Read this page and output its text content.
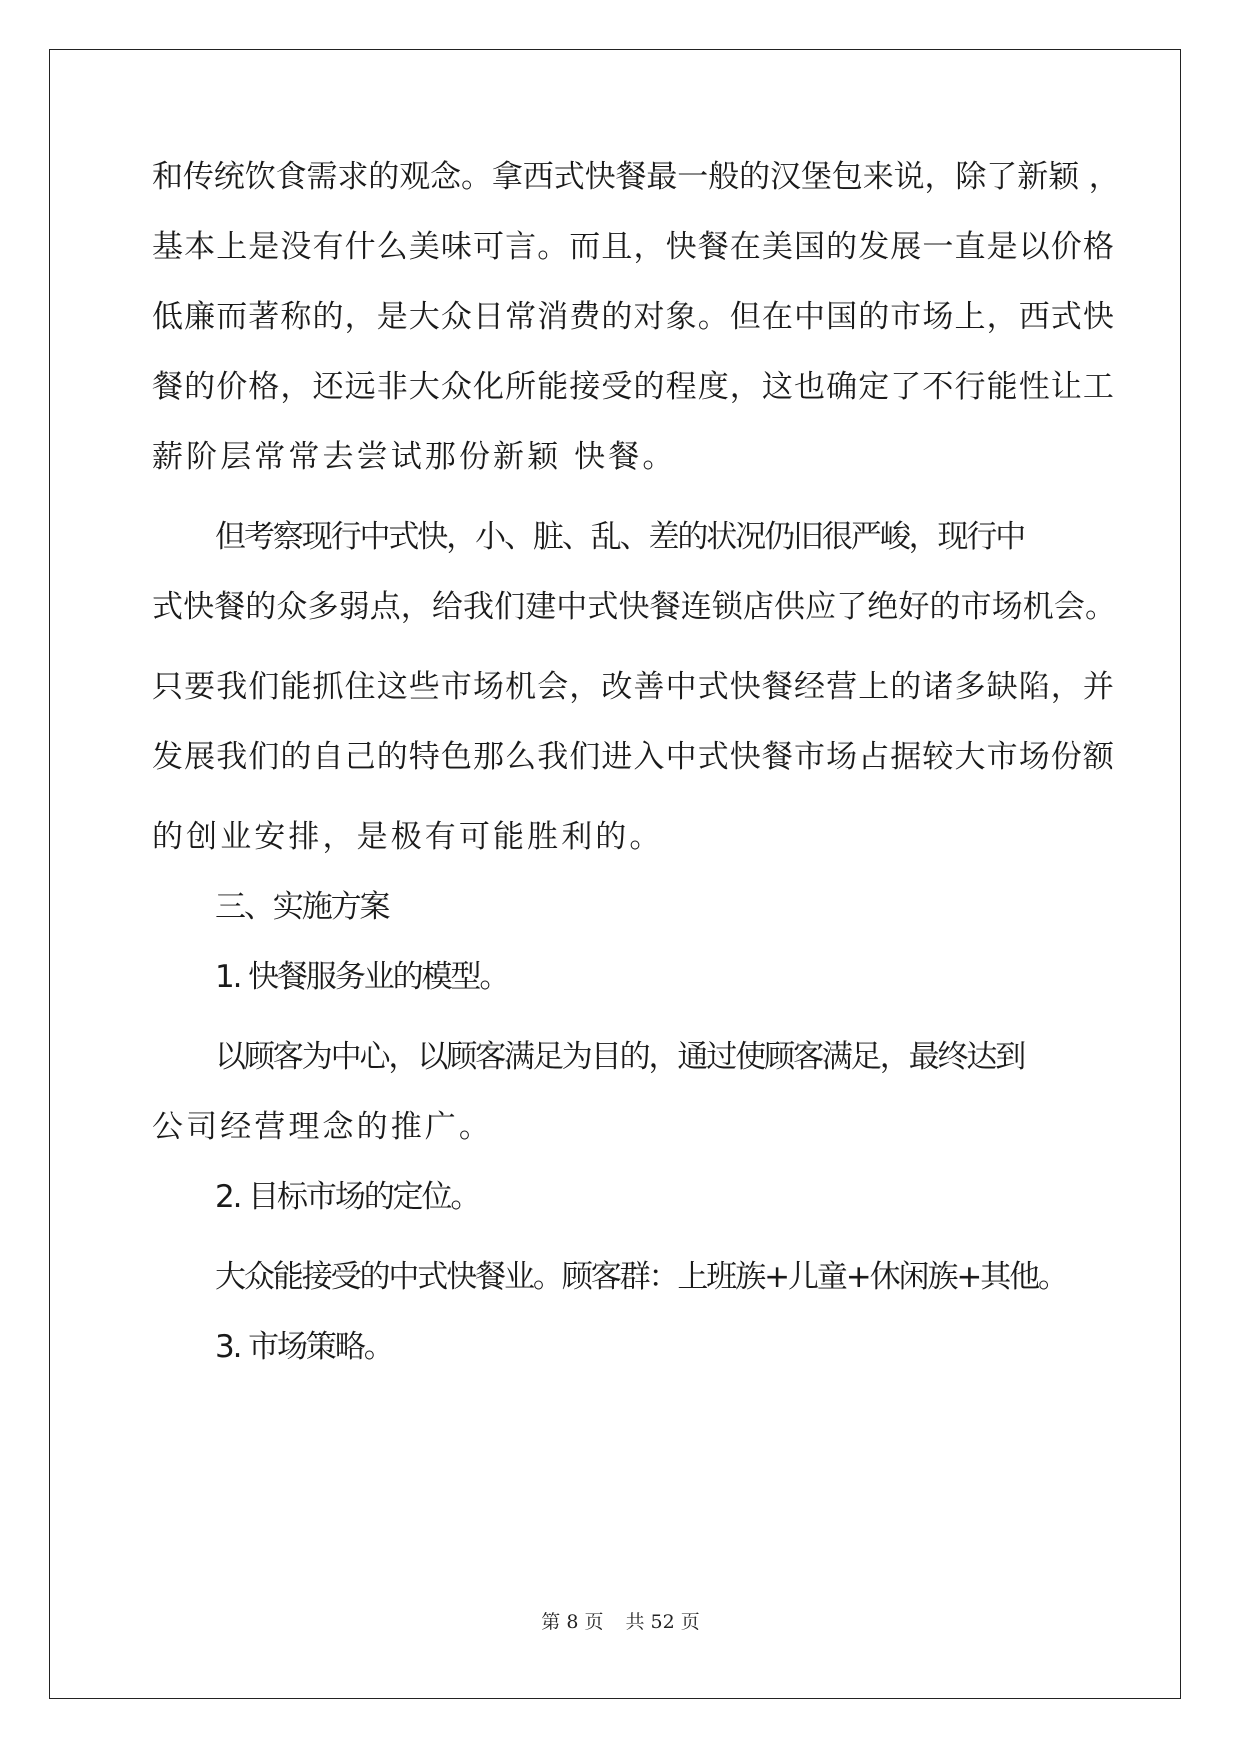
和传统饮食需求的观念。拿西式快餐最一般的汉堡包来说，除了新颖 ，
基本上是没有什么美味可言。而且，快餐在美国的发展一直是以价格
低廉而著称的，是大众日常消费的对象。但在中国的市场上，西式快
餐的价格，还远非大众化所能接受的程度，这也确定了不行能性让工
薪阶层常常去尝试那份新颖 快餐。
但考察现行中式快，小、脏、乱、差的状况仍旧很严峻，现行中
式快餐的众多弱点，给我们建中式快餐连锁店供应了绝好的市场机会。
只要我们能抓住这些市场机会，改善中式快餐经营上的诸多缺陷，并
发展我们的自己的特色那么我们进入中式快餐市场占据较大市场份额
的创业安排，是极有可能胜利的。
三、实施方案
1. 快餐服务业的模型。
以顾客为中心，以顾客满足为目的，通过使顾客满足，最终达到
公司经营理念的推广。
2. 目标市场的定位。
大众能接受的中式快餐业。顾客群：上班族+儿童+休闲族+其他。
3. 市场策略。
第 8 页 共 52 页
